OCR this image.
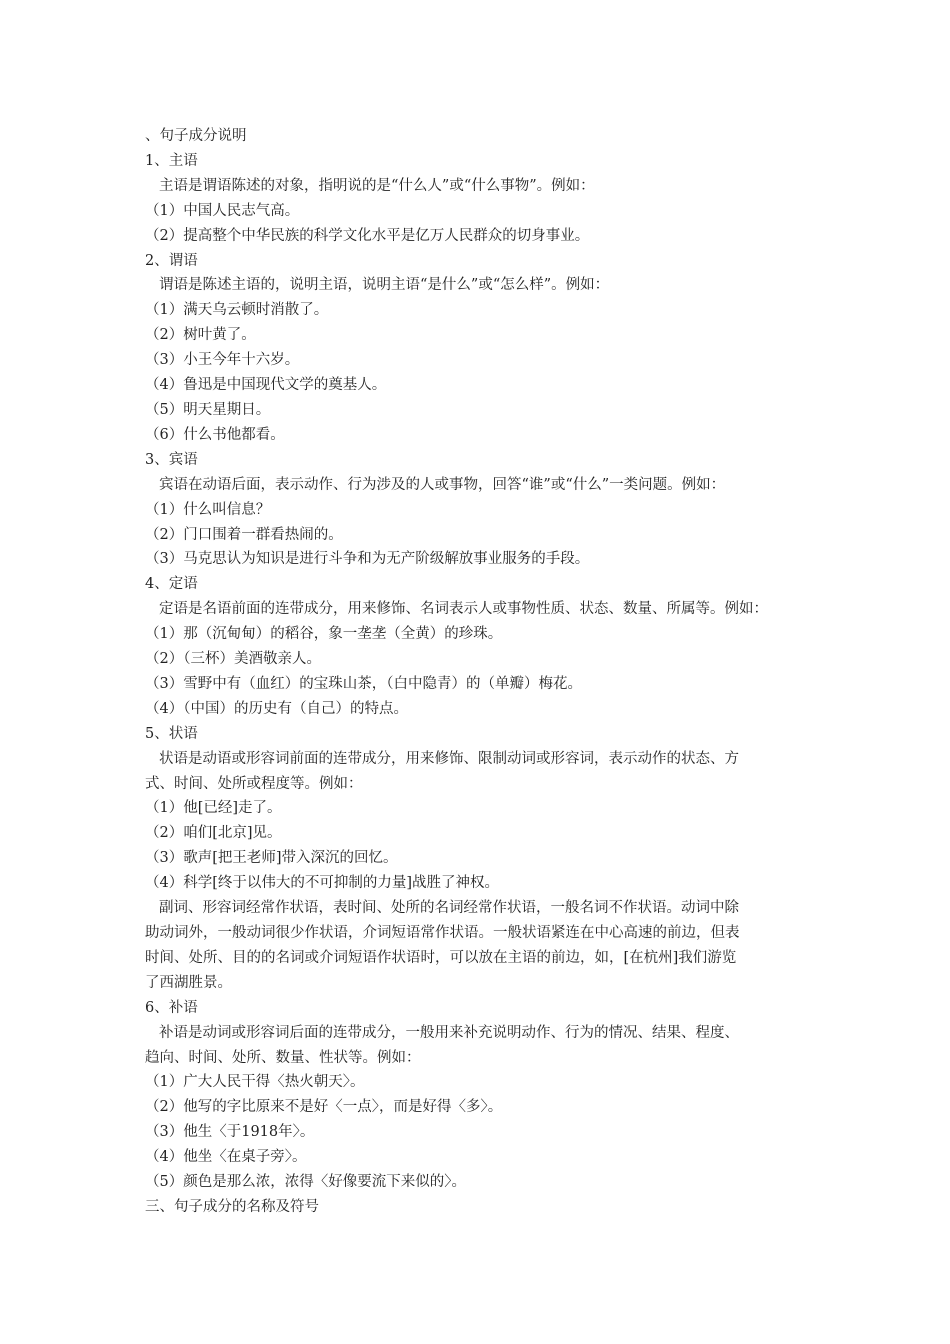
、句子成分说明
1、主语
主语是谓语陈述的对象，指明说的是“什么人”或“什么事物”。例如：
（1）中国人民志气高。
（2）提高整个中华民族的科学文化水平是亿万人民群众的切身事业。
2、谓语
谓语是陈述主语的，说明主语，说明主语“是什么”或“怎么样”。例如：
（1）满天乌云顿时消散了。
（2）树叶黄了。
（3）小王今年十六岁。
（4）鲁迅是中国现代文学的奠基人。
（5）明天星期日。
（6）什么书他都看。
3、宾语
宾语在动语后面，表示动作、行为涉及的人或事物，回答“谁”或“什么”一类问题。例如：
（1）什么叫信息？
（2）门口围着一群看热闹的。
（3）马克思认为知识是进行斗争和为无产阶级解放事业服务的手段。
4、定语
定语是名语前面的连带成分，用来修饰、名词表示人或事物性质、状态、数量、所属等。例如：
（1）那（沉甸甸）的稻谷，象一垄垄（全黄）的珍珠。
（2）（三杯）美酒敬亲人。
（3）雪野中有（血红）的宝珠山茶，（白中隐青）的（单瓣）梅花。
（4）（中国）的历史有（自己）的特点。
5、状语
状语是动语或形容词前面的连带成分，用来修饰、限制动词或形容词，表示动作的状态、方
式、时间、处所或程度等。例如：
（1）他[已经]走了。
（2）咱们[北京]见。
（3）歌声[把王老师]带入深沉的回忆。
（4）科学[终于以伟大的不可抑制的力量]战胜了神权。
副词、形容词经常作状语，表时间、处所的名词经常作状语，一般名词不作状语。动词中除
助动词外，一般动词很少作状语，介词短语常作状语。一般状语紧连在中心高速的前边，但表
时间、处所、目的的名词或介词短语作状语时，可以放在主语的前边，如，[在杭州]我们游览
了西湖胜景。
6、补语
补语是动词或形容词后面的连带成分，一般用来补充说明动作、行为的情况、结果、程度、
趋向、时间、处所、数量、性状等。例如：
（1）广大人民干得〈热火朝天〉。
（2）他写的字比原来不是好〈一点〉，而是好得〈多〉。
（3）他生〈于1918年〉。
（4）他坐〈在桌子旁〉。
（5）颜色是那么浓，浓得〈好像要流下来似的〉。
三、句子成分的名称及符号
